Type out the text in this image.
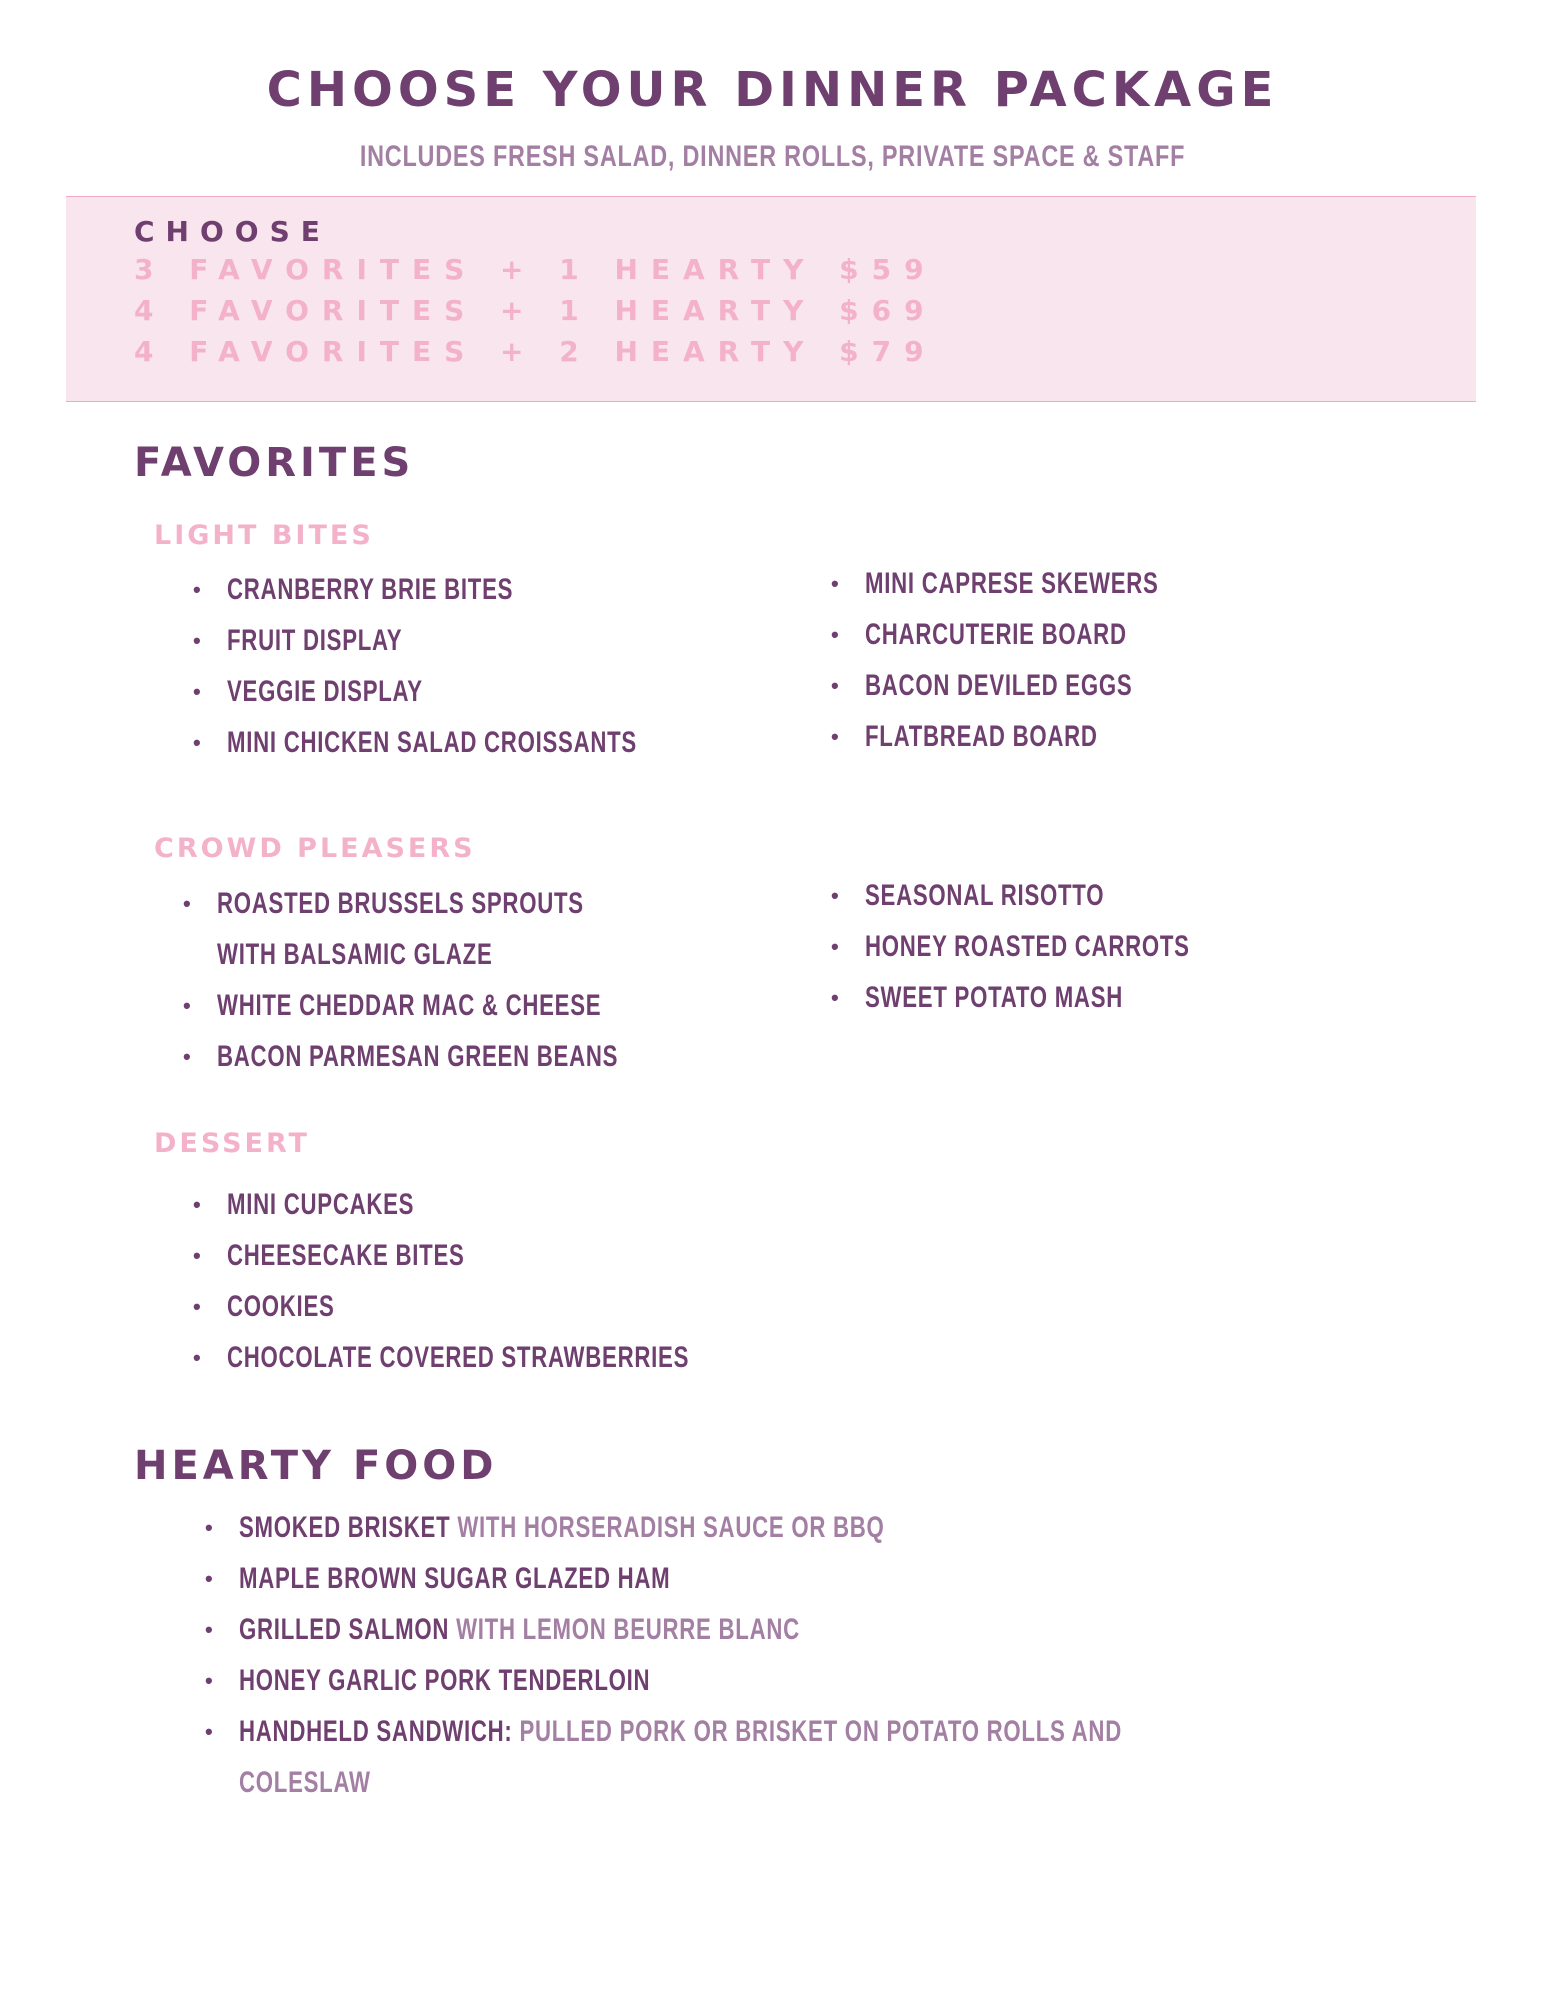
CHOOSE YOUR DINNER PACKAGE
INCLUDES FRESH SALAD, DINNER ROLLS, PRIVATE SPACE & STAFF
CHOOSE
3 FAVORITES + 1 HEARTY $59
4 FAVORITES + 1 HEARTY $69
4 FAVORITES + 2 HEARTY $79
FAVORITES
LIGHT BITES
• CRANBERRY BRIE BITES
• FRUIT DISPLAY
• VEGGIE DISPLAY
• MINI CHICKEN SALAD CROISSANTS
• MINI CAPRESE SKEWERS
• CHARCUTERIE BOARD
• BACON DEVILED EGGS
• FLATBREAD BOARD
CROWD PLEASERS
• ROASTED BRUSSELS SPROUTS
WITH BALSAMIC GLAZE
• WHITE CHEDDAR MAC & CHEESE
• BACON PARMESAN GREEN BEANS
• SEASONAL RISOTTO
• HONEY ROASTED CARROTS
• SWEET POTATO MASH
DESSERT
• MINI CUPCAKES
• CHEESECAKE BITES
• COOKIES
• CHOCOLATE COVERED STRAWBERRIES
HEARTY FOOD
• SMOKED BRISKET WITH HORSERADISH SAUCE OR BBQ
• MAPLE BROWN SUGAR GLAZED HAM
• GRILLED SALMON WITH LEMON BEURRE BLANC
• HONEY GARLIC PORK TENDERLOIN
• HANDHELD SANDWICH: PULLED PORK OR BRISKET ON POTATO ROLLS AND
COLESLAW
